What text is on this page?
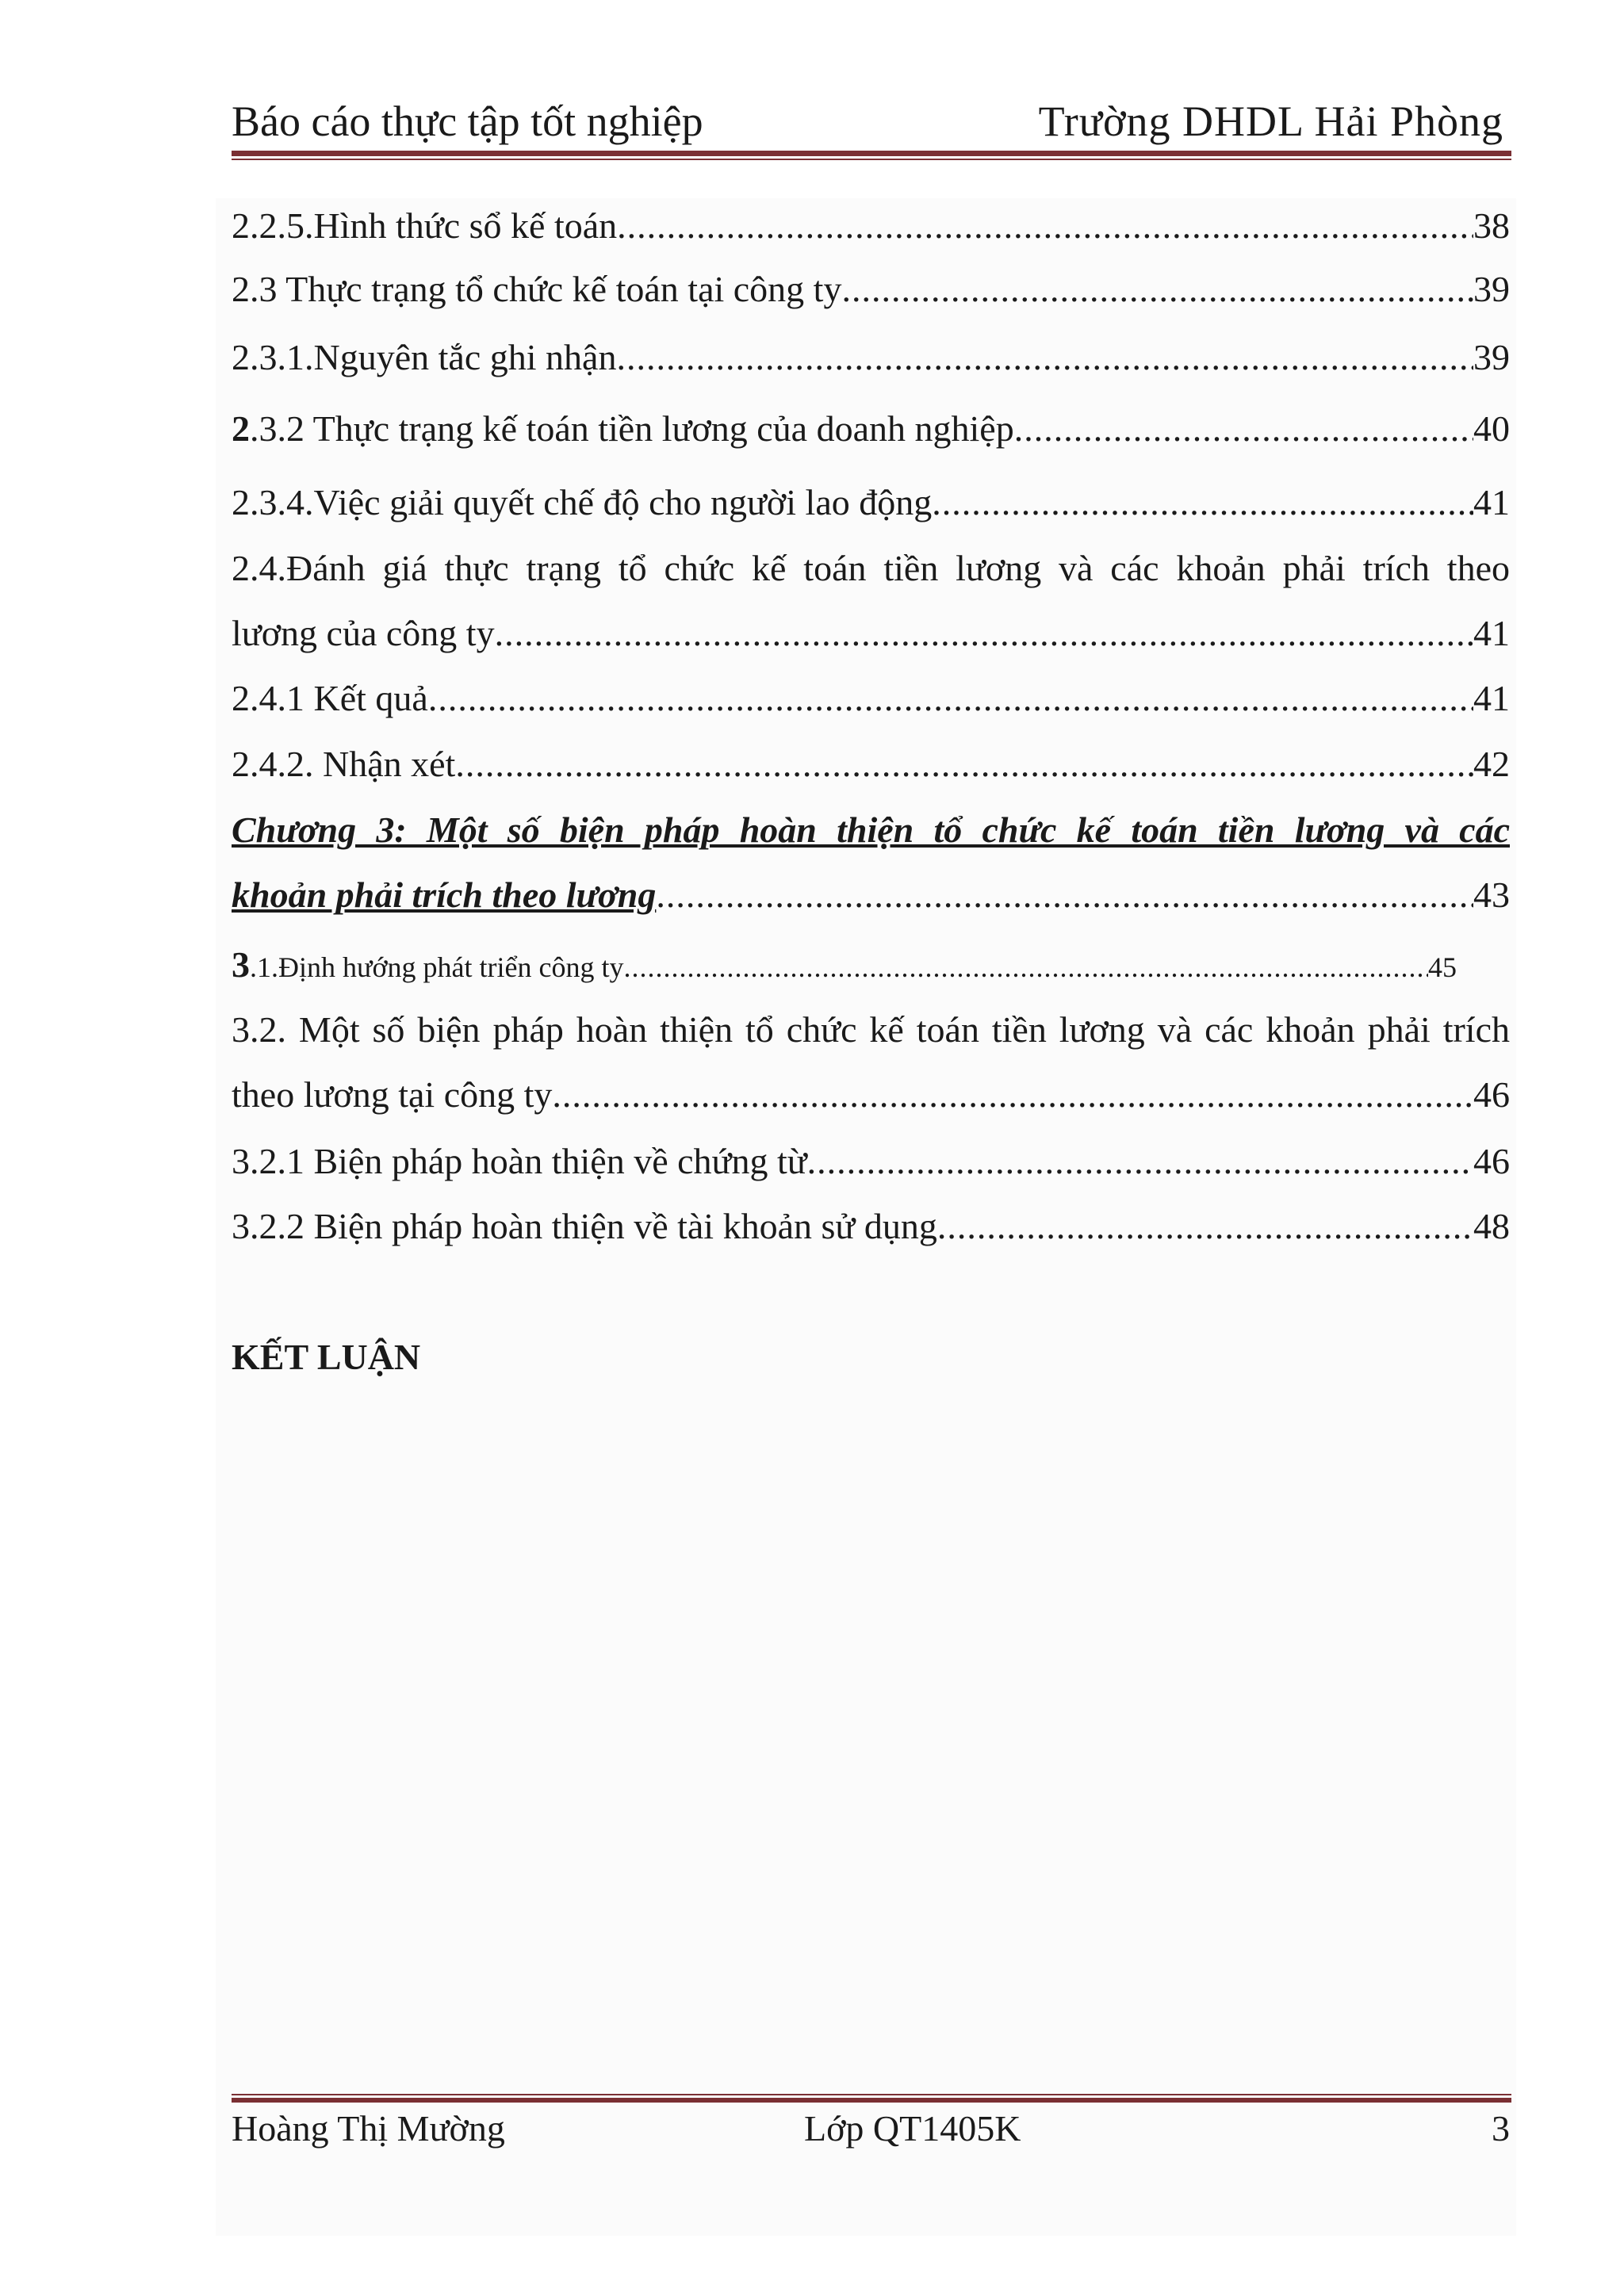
Báo cáo thực tập tốt nghiệp	Trường DHDL Hải Phòng
2.2.5.Hình thức sổ kế toán .....	38
2.3 Thực trạng tổ chức kế toán tại công ty .....	39
2.3.1.Nguyên tắc ghi nhận .....	39
2.3.2 Thực trạng kế toán tiền lương của doanh nghiệp .....	40
2.3.4.Việc giải quyết chế độ cho người lao động .....	41
2.4.Đánh giá thực trạng tổ chức kế toán tiền lương và các khoản phải trích theo
lương của công ty .....	41
2.4.1 Kết quả .....	41
2.4.2. Nhận xét .....	42
Chương 3: Một số biện pháp hoàn thiện tổ chức kế toán tiền lương và các
khoản phải trích theo lương .....	43
3.1.Định hướng phát triển công ty .....	45
3.2. Một số biện pháp hoàn thiện tổ chức kế toán tiền lương và các khoản phải trích
theo lương tại công ty .....	46
3.2.1 Biện pháp hoàn thiện về chứng từ .....	46
3.2.2 Biện pháp hoàn thiện về tài khoản sử dụng .....	48
KẾT LUẬN
Hoàng Thị Mường	Lớp QT1405K	3
